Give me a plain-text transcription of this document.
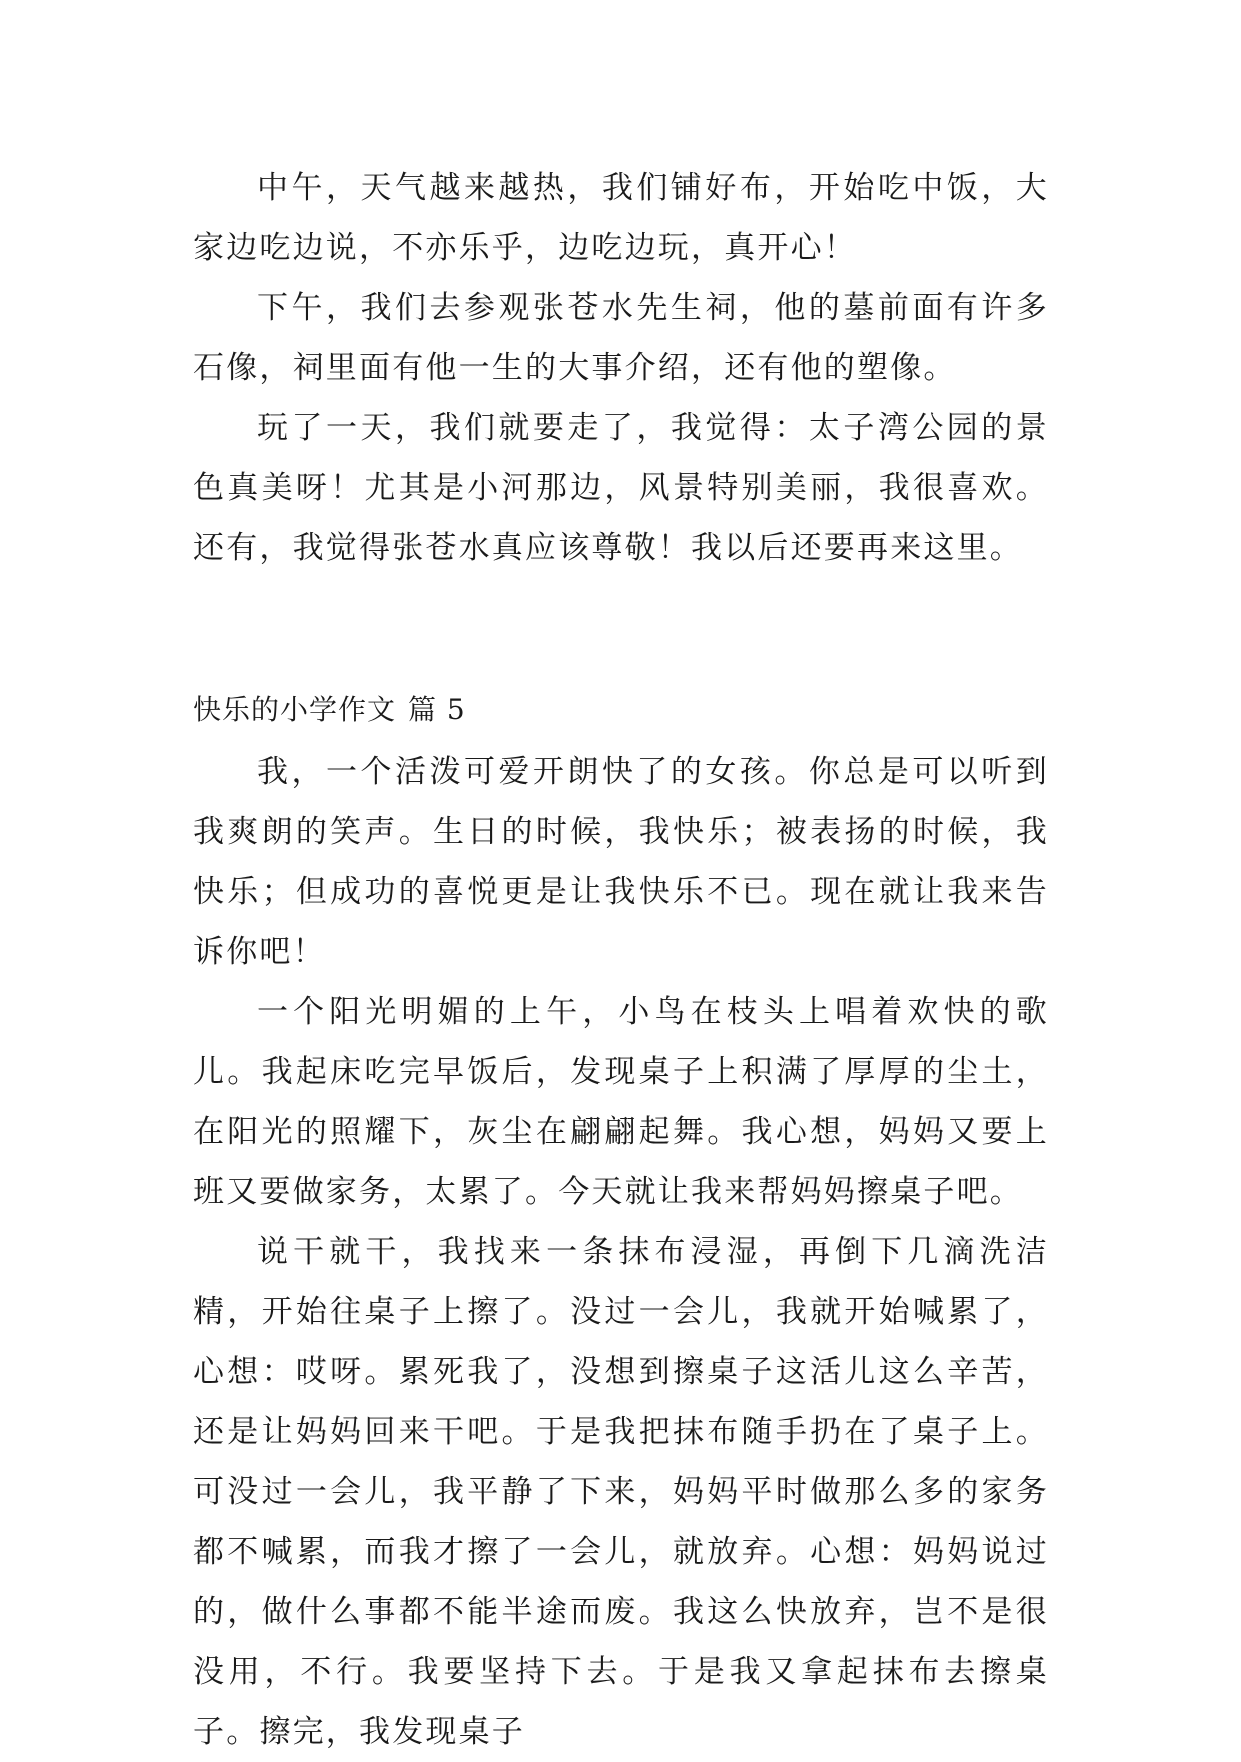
中午，天气越来越热，我们铺好布，开始吃中饭，大家边吃边说，不亦乐乎，边吃边玩，真开心！

下午，我们去参观张苍水先生祠，他的墓前面有许多石像，祠里面有他一生的大事介绍，还有他的塑像。

玩了一天，我们就要走了，我觉得：太子湾公园的景色真美呀！尤其是小河那边，风景特别美丽，我很喜欢。还有，我觉得张苍水真应该尊敬！我以后还要再来这里。

快乐的小学作文 篇 5

我，一个活泼可爱开朗快了的女孩。你总是可以听到我爽朗的笑声。生日的时候，我快乐；被表扬的时候，我快乐；但成功的喜悦更是让我快乐不已。现在就让我来告诉你吧！

一个阳光明媚的上午，小鸟在枝头上唱着欢快的歌儿。我起床吃完早饭后，发现桌子上积满了厚厚的尘土，在阳光的照耀下，灰尘在翩翩起舞。我心想，妈妈又要上班又要做家务，太累了。今天就让我来帮妈妈擦桌子吧。

说干就干，我找来一条抹布浸湿，再倒下几滴洗洁精，开始往桌子上擦了。没过一会儿，我就开始喊累了，心想：哎呀。累死我了，没想到擦桌子这活儿这么辛苦，还是让妈妈回来干吧。于是我把抹布随手扔在了桌子上。可没过一会儿，我平静了下来，妈妈平时做那么多的家务都不喊累，而我才擦了一会儿，就放弃。心想：妈妈说过的，做什么事都不能半途而废。我这么快放弃，岂不是很没用，不行。我要坚持下去。于是我又拿起抹布去擦桌子。擦完，我发现桌子
